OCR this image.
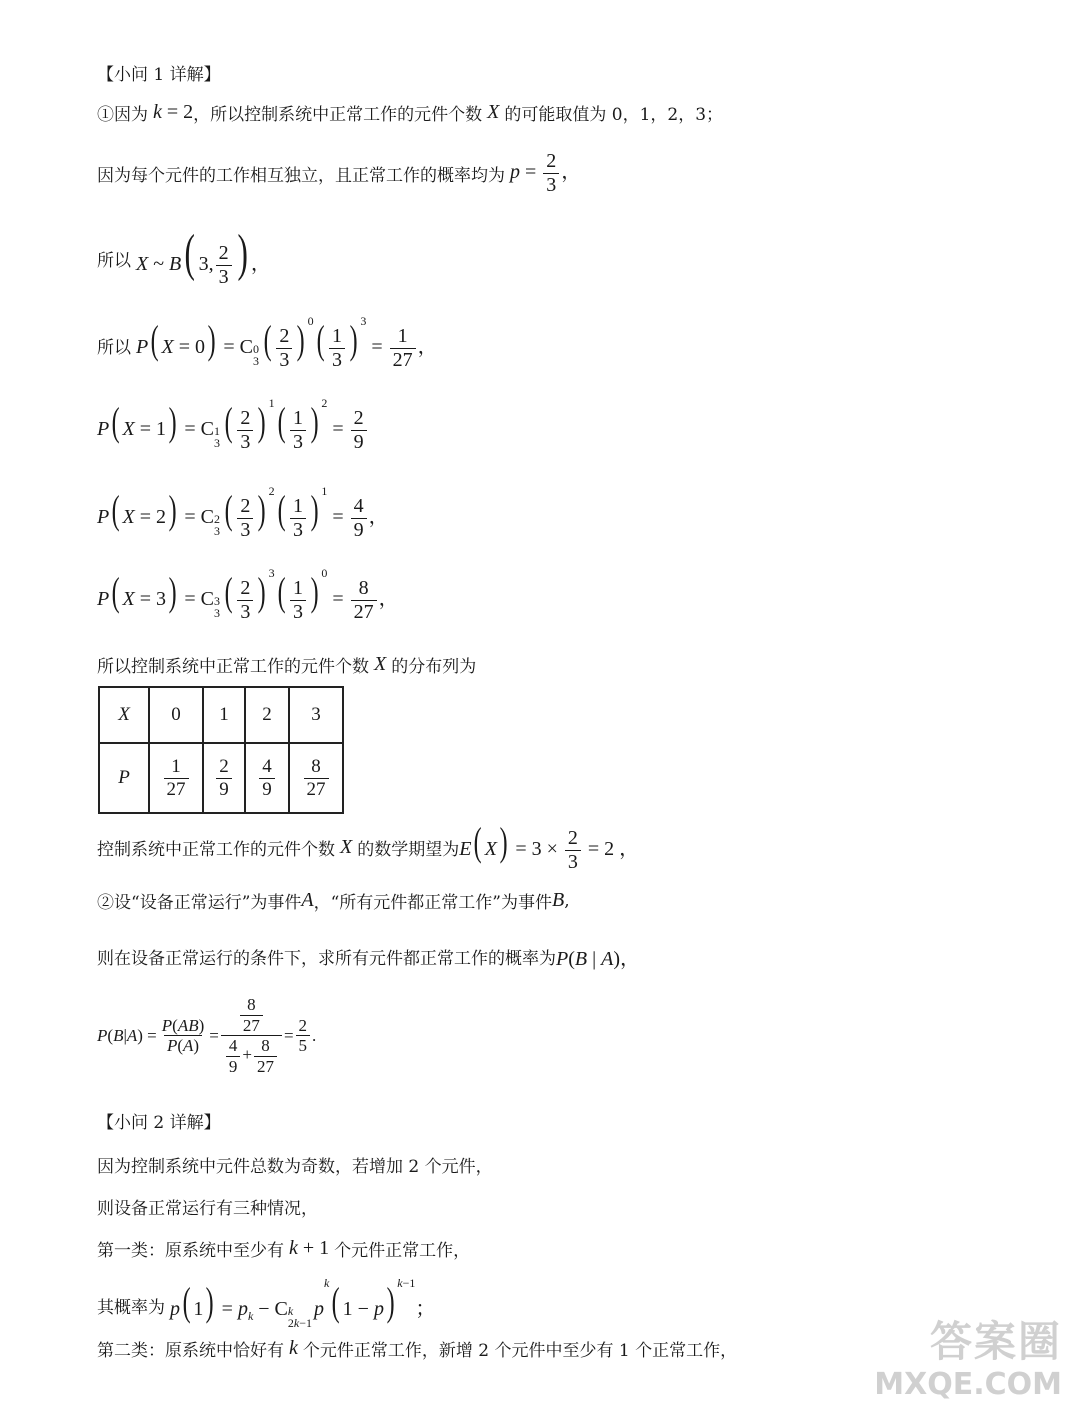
【小问 1 详解】
①因为 k = 2 ，所以控制系统中正常工作的元件个数 X 的可能取值为 0，1，2，3；
因为每个元件的工作相互独立，且正常工作的概率均为 $p = \frac{2}{3}$ ，
所以 X ~ B( 3, $\frac{2}{3}$ ) ，
所以 P( X = 0) = C 0
3 ( $\frac{2}{3}$ ) $^0( \frac{1}{3}$ ) $^3 = \frac{1}{27}$ ，
P( X = 1) = C 1
3 ( $\frac{2}{3}$ ) $^1( \frac{1}{3}$ ) $^2 = \frac{2}{9}$
P( X = 2) = C 2
3 ( $\frac{2}{3}$ ) $^2( \frac{1}{3}$ ) $^1 = \frac{4}{9}$ ，
P( X = 3) = C 3
3 ( $\frac{2}{3}$ ) $^3( \frac{1}{3}$ ) $^0 = \frac{8}{27}$ ，
所以控制系统中正常工作的元件个数 X 的分布列为
X	0	1	2	3
P	$\frac{1}{27}$	$\frac{2}{9}$	$\frac{4}{9}$	$\frac{8}{27}$
控制系统中正常工作的元件个数 X 的数学期望为 E( $X) = 3 \times \frac{2}{3} = 2$ ，
②设“设备正常运行”为事件 A ，“所有元件都正常工作”为事件 B ,
则在设备正常运行的条件下，求所有元件都正常工作的概率为 P(B | A)，
P ( B | A ) = $\frac{P(AB)}{P(A)} = \frac{\frac{8}{27}}{\frac{4}{9} + \frac{8}{27}} = \frac{2}{5}$ .
【小问 2 详解】
因为控制系统中元件总数为奇数，若增加 2 个元件，
则设备正常运行有三种情况，
第一类：原系统中至少有 k + 1 个元件正常工作，
其概率为 p( $1) = p_k - C$ k
2k−1
$p^k$( 1 − p) $^{k-1}$；
第二类：原系统中恰好有 k 个元件正常工作，新增 2 个元件中至少有 1 个正常工作，	答案圈
MXQE.COM
